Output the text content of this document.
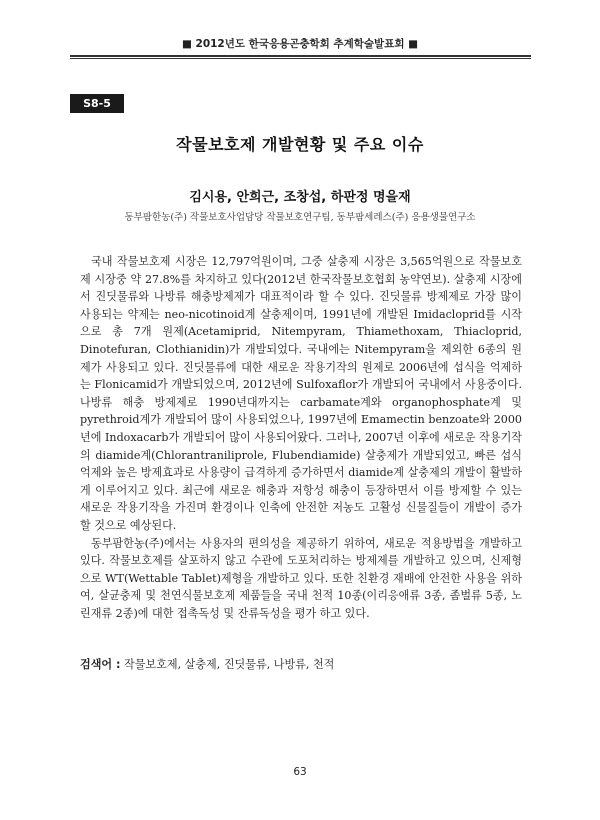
■ 2012년도 한국응용곤충학회 추계학술발표회 ■
S8-5
작물보호제 개발현황 및 주요 이슈
김시용, 안희근, 조창섭, 하판정 명을재
동부팜한농(주) 작물보호사업담당 작물보호연구팀, 동부팜세레스(주) 응용생물연구소

국내 작물보호제 시장은 12,797억원이며, 그중 살충제 시장은 3,565억원으로 작물보호제 시장중 약 27.8%를 차지하고 있다(2012년 한국작물보호협회 농약연보). 살충제 시장에서 진딧물류와 나방류 해충방제제가 대표적이라 할 수 있다. 진딧물류 방제제로 가장 많이 사용되는 약제는 neo-nicotinoid계 살충제이며, 1991년에 개발된 Imidacloprid를 시작으로 총 7개 원제(Acetamiprid, Nitempyram, Thiamethoxam, Thiacloprid, Dinotefuran, Clothianidin)가 개발되었다. 국내에는 Nitempyram을 제외한 6종의 원제가 사용되고 있다. 진딧물류에 대한 새로운 작용기작의 원제로 2006년에 섭식을 억제하는 Flonicamid가 개발되었으며, 2012년에 Sulfoxaflor가 개발되어 국내에서 사용중이다. 나방류 해충 방제제로 1990년대까지는 carbamate계와 organophosphate계 및 pyrethroid계가 개발되어 많이 사용되었으나, 1997년에 Emamectin benzoate와 2000년에 Indoxacarb가 개발되어 많이 사용되어왔다. 그러나, 2007년 이후에 새로운 작용기작의 diamide계(Chlorantraniliprole, Flubendiamide) 살충제가 개발되었고, 빠른 섭식억제와 높은 방제효과로 사용량이 급격하게 증가하면서 diamide계 살충제의 개발이 활발하게 이루어지고 있다. 최근에 새로운 해충과 저항성 해충이 등장하면서 이를 방제할 수 있는 새로운 작용기작을 가진며 환경이나 인축에 안전한 저농도 고활성 신물질들이 개발이 증가할 것으로 예상된다.

동부팜한농(주)에서는 사용자의 편의성을 제공하기 위하여, 새로운 적용방법을 개발하고 있다. 작물보호제를 살포하지 않고 수관에 도포처리하는 방제제를 개발하고 있으며, 신제형으로 WT(Wettable Tablet)제형을 개발하고 있다. 또한 친환경 재배에 안전한 사용을 위하여, 살균충제 및 천연식물보호제 제품들을 국내 천적 10종(이리응애류 3종, 좀벌류 5종, 노린재류 2종)에 대한 접촉독성 및 잔류독성을 평가 하고 있다.

검색어 : 작물보호제, 살충제, 진딧물류, 나방류, 천적
63
